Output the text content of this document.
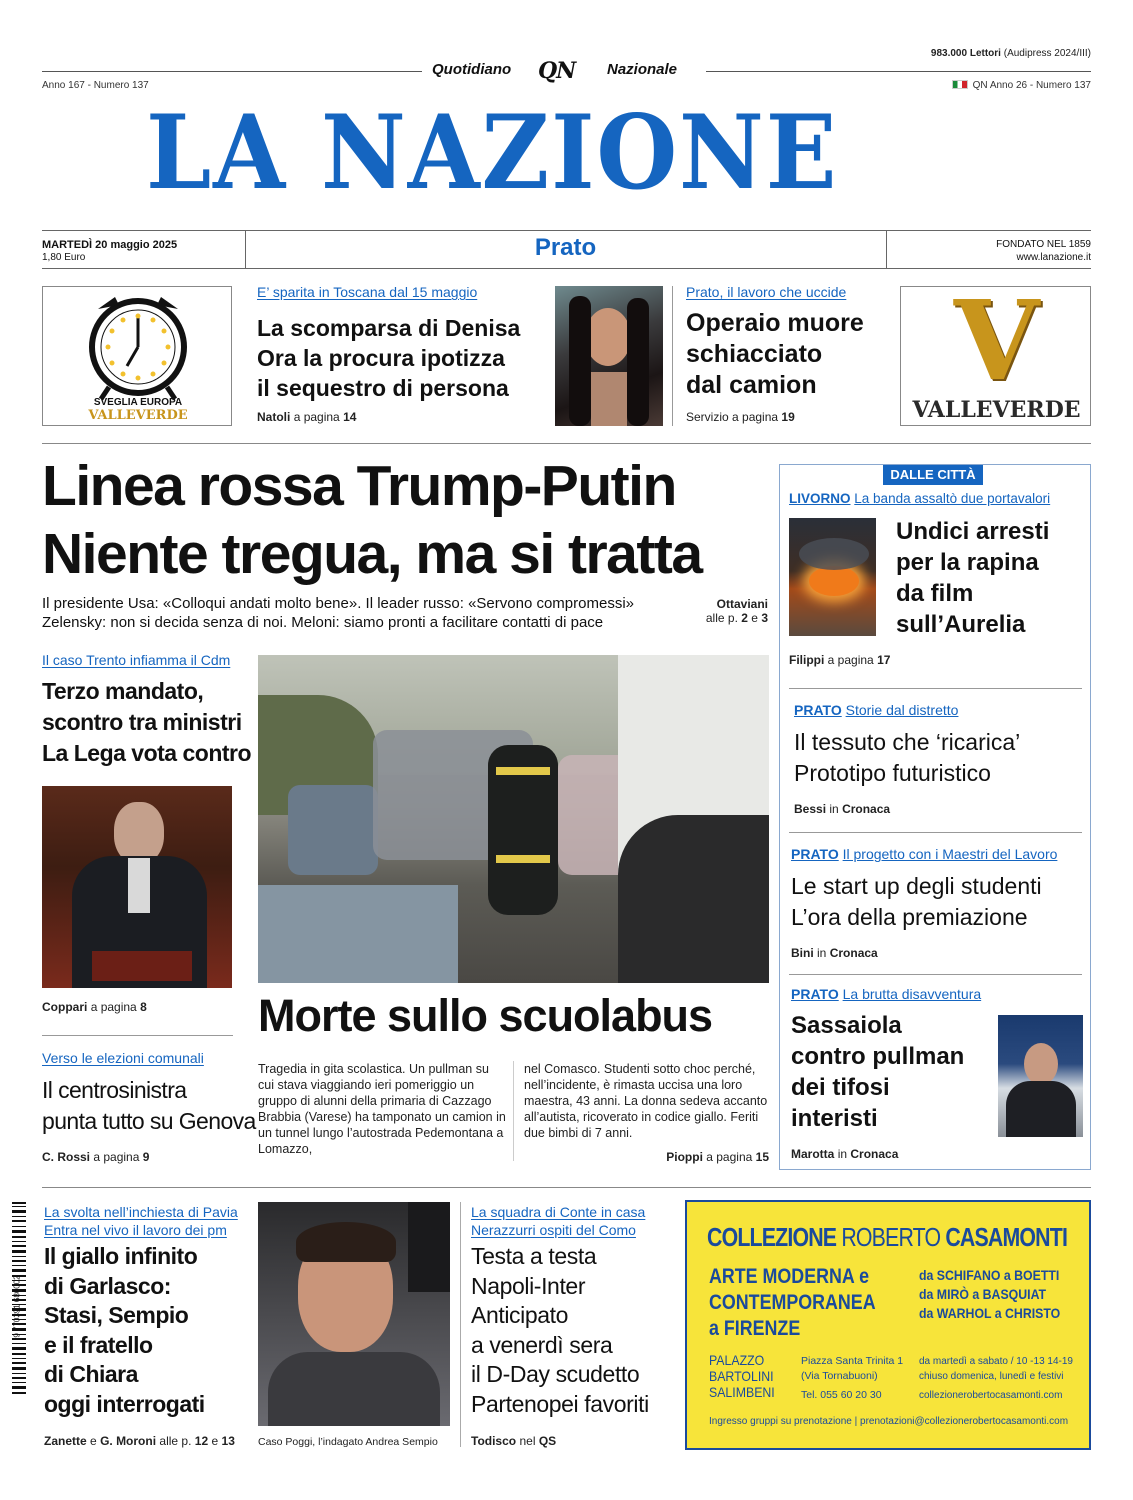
Anno 167 - Numero 137
Quotidiano QN	Nazionale
983.000 Lettori (Audipress 2024/III)
QN Anno 26 - Numero 137
LA NAZIONE
MARTEDÌ 20 maggio 2025
1,80 Euro	Prato	FONDATO NEL 1859
www.lanazione.it
SVEGLIA EUROPA
VALLEVERDE
E’ sparita in Toscana dal 15 maggio
La scomparsa di Denisa
Ora la procura ipotizza
il sequestro di persona
Natoli a pagina 14
Prato, il lavoro che uccide
Operaio muore
schiacciato
dal camion
Servizio a pagina 19
V
VALLEVERDE
Linea rossa Trump-Putin
Niente tregua, ma si tratta
Il presidente Usa: «Colloqui andati molto bene». Il leader russo: «Servono compromessi»
Zelensky: non si decida senza di noi. Meloni: siamo pronti a facilitare contatti di pace
Ottaviani
alle p. 2 e 3
Il caso Trento infiamma il Cdm
Terzo mandato,
scontro tra ministri
La Lega vota contro
Coppari a pagina 8
Verso le elezioni comunali
Il centrosinistra
punta tutto su Genova
C. Rossi a pagina 9
Morte sullo scuolabus
Tragedia in gita scolastica. Un pullman su cui stava viaggiando ieri pomeriggio un gruppo di alunni della primaria di Cazzago Brabbia (Varese) ha tamponato un camion in un tunnel lungo l’autostrada Pedemontana a Lomazzo,
nel Comasco. Studenti sotto choc perché, nell’incidente, è rimasta uccisa una loro maestra, 43 anni. La donna sedeva accanto all’autista, ricoverato in codice giallo. Feriti due bimbi di 7 anni.
Pioppi a pagina 15
DALLE CITTÀ
LIVORNO La banda assaltò due portavalori
Undici arresti
per la rapina
da film
sull’Aurelia
Filippi a pagina 17
PRATO Storie dal distretto
Il tessuto che ‘ricarica’
Prototipo futuristico
Bessi in Cronaca
PRATO Il progetto con i Maestri del Lavoro
Le start up degli studenti
L’ora della premiazione
Bini in Cronaca
PRATO La brutta disavventura
Sassaiola
contro pullman
dei tifosi
interisti
Marotta in Cronaca
9 770391 686002
La svolta nell’inchiesta di Pavia
Entra nel vivo il lavoro dei pm
Il giallo infinito
di Garlasco:
Stasi, Sempio
e il fratello
di Chiara
oggi interrogati
Zanette e G. Moroni alle p. 12 e 13 Caso Poggi, l’indagato Andrea Sempio
La squadra di Conte in casa
Nerazzurri ospiti del Como
Testa a testa
Napoli-Inter
Anticipato
a venerdì sera
il D-Day scudetto
Partenopei favoriti
Todisco nel QS
COLLEZIONE ROBERTO CASAMONTI
ARTE MODERNA e
CONTEMPORANEA
a FIRENZE
da SCHIFANO a BOETTI
da MIRÒ a BASQUIAT
da WARHOL a CHRISTO
PALAZZO
BARTOLINI
SALIMBENI
Piazza Santa Trinita 1
(Via Tornabuoni)
Tel. 055 60 20 30
da martedì a sabato / 10 -13 14-19
chiuso domenica, lunedì e festivi
collezionerobertocasamonti.com
Ingresso gruppi su prenotazione | prenotazioni@collezionerobertocasamonti.com
